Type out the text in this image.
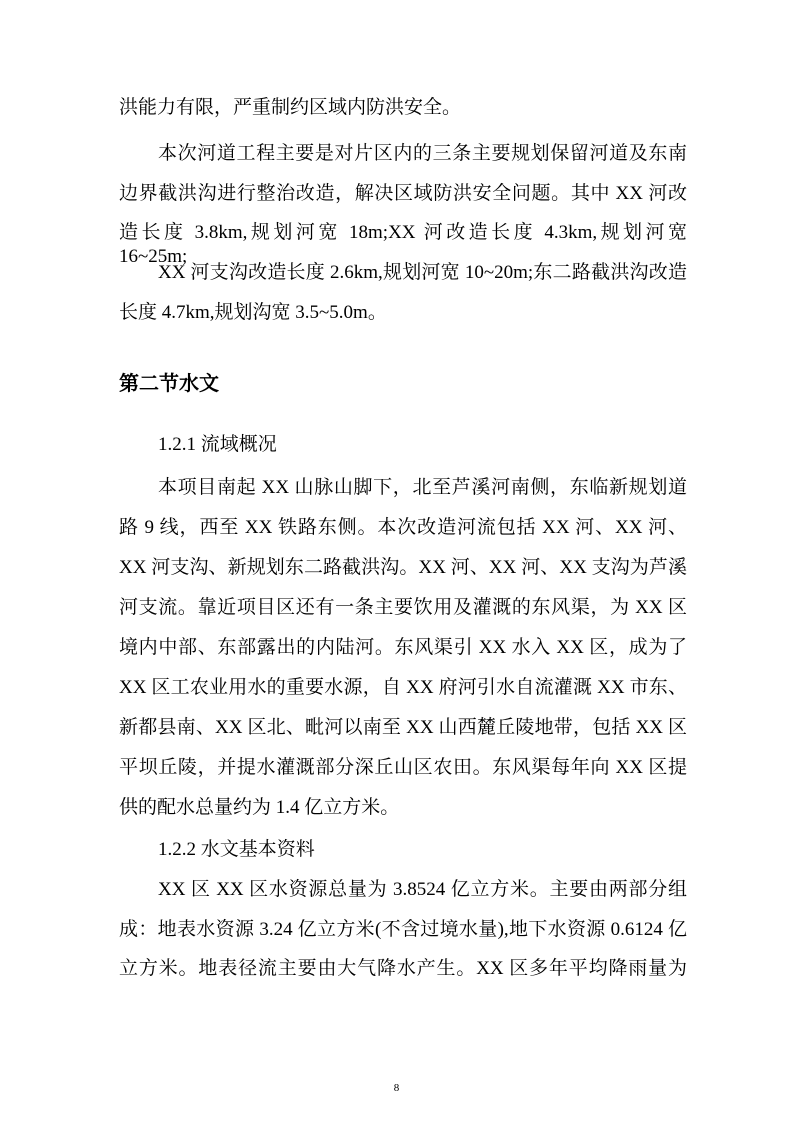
洪能力有限，严重制约区域内防洪安全。
本次河道工程主要是对片区内的三条主要规划保留河道及东南
边界截洪沟进行整治改造，解决区域防洪安全问题。其中 XX 河改
造长度 3.8km,规划河宽 18m;XX 河改造长度 4.3km,规划河宽 16~25m;
XX 河支沟改造长度 2.6km,规划河宽 10~20m;东二路截洪沟改造
长度 4.7km,规划沟宽 3.5~5.0m。
第二节水文
1.2.1 流域概况
本项目南起 XX 山脉山脚下，北至芦溪河南侧，东临新规划道
路 9 线，西至 XX 铁路东侧。本次改造河流包括 XX 河、XX 河、
XX 河支沟、新规划东二路截洪沟。XX 河、XX 河、XX 支沟为芦溪
河支流。靠近项目区还有一条主要饮用及灌溉的东风渠，为 XX 区
境内中部、东部露出的内陆河。东风渠引 XX 水入 XX 区，成为了
XX 区工农业用水的重要水源，自 XX 府河引水自流灌溉 XX 市东、
新都县南、XX 区北、毗河以南至 XX 山西麓丘陵地带，包括 XX 区
平坝丘陵，并提水灌溉部分深丘山区农田。东风渠每年向 XX 区提
供的配水总量约为 1.4 亿立方米。
1.2.2 水文基本资料
XX 区 XX 区水资源总量为 3.8524 亿立方米。主要由两部分组
成：地表水资源 3.24 亿立方米(不含过境水量),地下水资源 0.6124 亿
立方米。地表径流主要由大气降水产生。XX 区多年平均降雨量为
8
